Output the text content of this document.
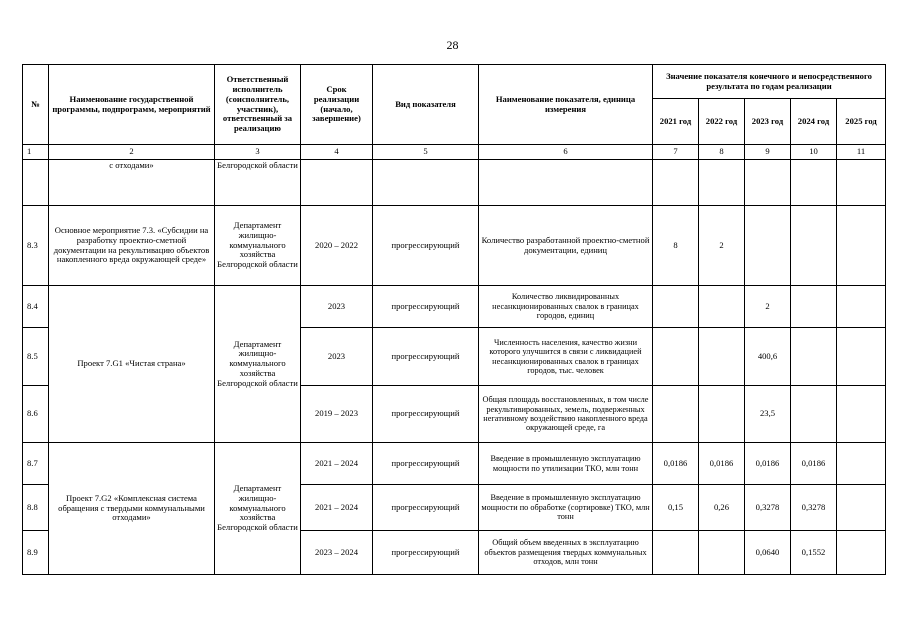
28
№	Наименование государственной программы, подпрограмм, мероприятий	Ответственный исполнитель (соисполнитель, участник), ответственный за реализацию	Срок реализации (начало, завершение)	Вид показателя	Наименование показателя, единица измерения	Значение показателя конечного и непосредственного результата по годам реализации				
						2021 год	2022 год	2023 год	2024 год	2025 год
1	2	3	4	5	6	7	8	9	10	11
	с отходами»	Белгородской области								
8.3	Основное мероприятие 7.3. «Субсидии на разработку проектно-сметной документации на рекультивацию объектов накопленного вреда окружающей среде»	Департамент жилищно-коммунального хозяйства Белгородской области	2020 – 2022	прогрессирующий	Количество разработанной проектно-сметной документации, единиц	8	2			
8.4	Проект 7.G1 «Чистая страна»	Департамент жилищно-коммунального хозяйства Белгородской области	2023	прогрессирующий	Количество ликвидированных несанкционированных свалок в границах городов, единиц			2		
8.5			2023	прогрессирующий	Численность населения, качество жизни которого улучшится в связи с ликвидацией несанкционированных свалок в границах городов, тыс. человек			400,6		
8.6			2019 – 2023	прогрессирующий	Общая площадь восстановленных, в том числе рекультивированных, земель, подверженных негативному воздействию накопленного вреда окружающей среде, га			23,5		
8.7	Проект 7.G2 «Комплексная система обращения с твердыми коммунальными отходами»	Департамент жилищно-коммунального хозяйства Белгородской области	2021 – 2024	прогрессирующий	Введение в промышленную эксплуатацию мощности по утилизации ТКО, млн тонн	0,0186	0,0186	0,0186	0,0186	
8.8			2021 – 2024	прогрессирующий	Введение в промышленную эксплуатацию мощности по обработке (сортировке) ТКО, млн тонн	0,15	0,26	0,3278	0,3278	
8.9			2023 – 2024	прогрессирующий	Общий объем введенных в эксплуатацию объектов размещения твердых коммунальных отходов, млн тонн			0,0640	0,1552	
